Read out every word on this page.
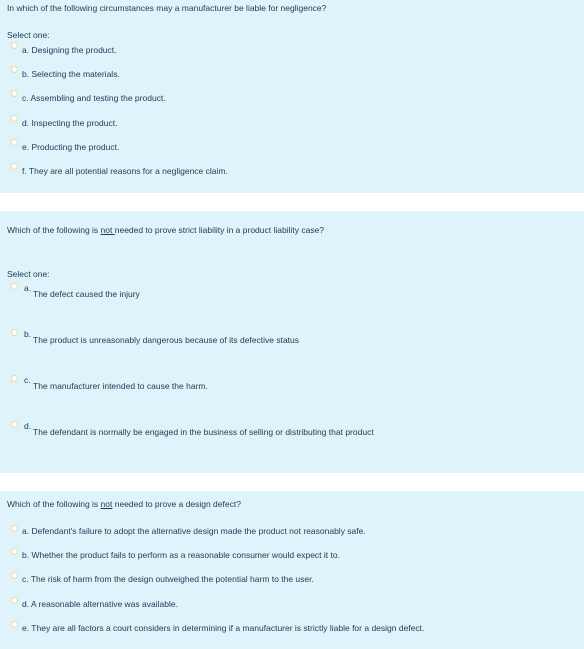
In which of the following circumstances may a manufacturer be liable for negligence?
Select one:
a. Designing the product.
b. Selecting the materials.
c. Assembling and testing the product.
d. Inspecting the product.
e. Producting the product.
f. They are all potential reasons for a negligence claim.
Which of the following is not needed to prove strict liability in a product liability case?
Select one:
a.
The defect caused the injury
b.
The product is unreasonably dangerous because of its defective status
c.
The manufacturer intended to cause the harm.
d.
The defendant is normally be engaged in the business of selling or distributing that product
Which of the following is not needed to prove a design defect?
a. Defendant's failure to adopt the alternative design made the product not reasonably safe.
b. Whether the product fails to perform as a reasonable consumer would expect it to.
c. The risk of harm from the design outweighed the potential harm to the user.
d. A reasonable alternative was available.
e. They are all factors a court considers in determining if a manufacturer is strictly liable for a design defect.
